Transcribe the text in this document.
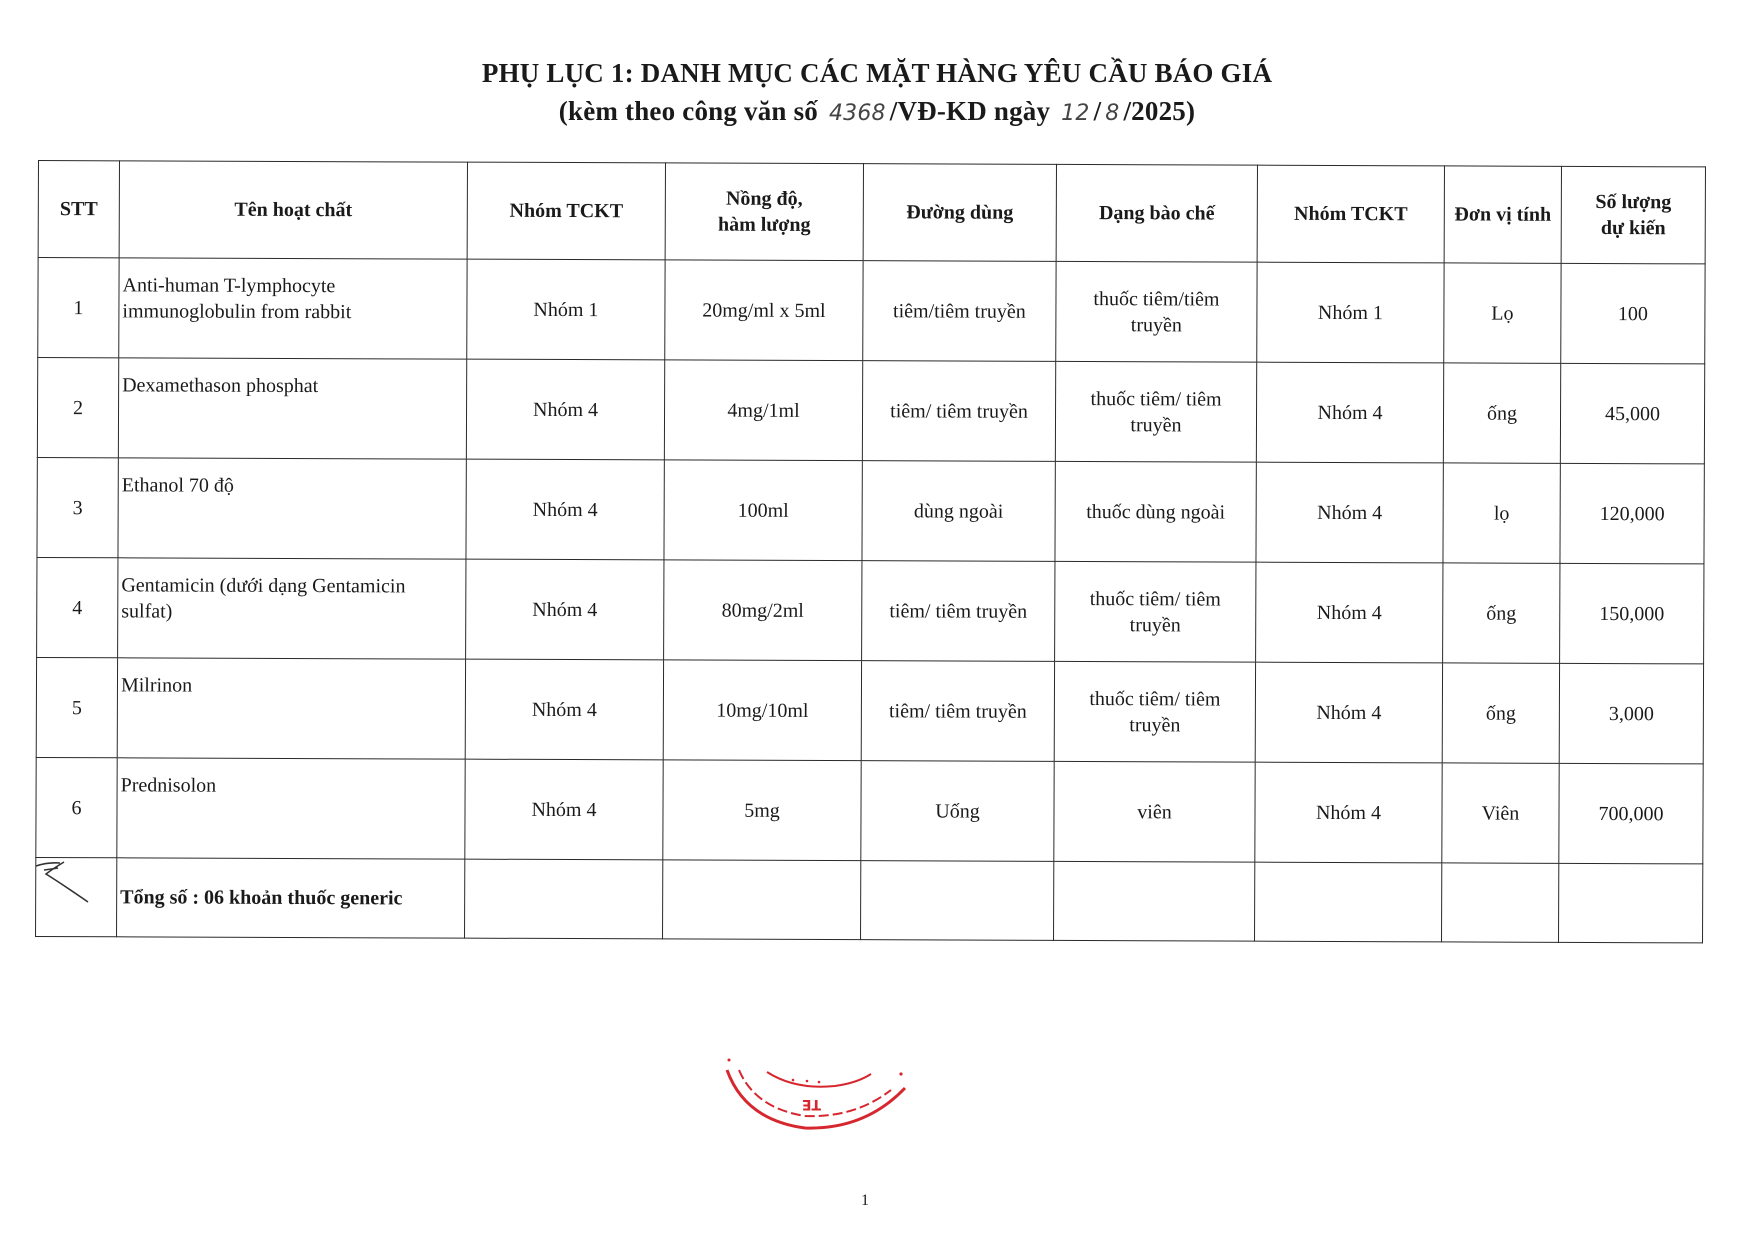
PHỤ LỤC 1: DANH MỤC CÁC MẶT HÀNG YÊU CẦU BÁO GIÁ
(kèm theo công văn số 4368 /VĐ-KD ngày 12 / 8 /2025)
STT	Tên hoạt chất	Nhóm TCKT	Nồng độ,
hàm lượng	Đường dùng	Dạng bào chế	Nhóm TCKT	Đơn vị tính	Số lượng
dự kiến
1	Anti-human T-lymphocyte
immunoglobulin from rabbit	Nhóm 1	20mg/ml x 5ml	tiêm/tiêm truyền	thuốc tiêm/tiêm
truyền	Nhóm 1	Lọ	100
2	Dexamethason phosphat	Nhóm 4	4mg/1ml	tiêm/ tiêm truyền	thuốc tiêm/ tiêm
truyền	Nhóm 4	ống	45,000
3	Ethanol 70 độ	Nhóm 4	100ml	dùng ngoài	thuốc dùng ngoài	Nhóm 4	lọ	120,000
4	Gentamicin (dưới dạng Gentamicin
sulfat)	Nhóm 4	80mg/2ml	tiêm/ tiêm truyền	thuốc tiêm/ tiêm
truyền	Nhóm 4	ống	150,000
5	Milrinon	Nhóm 4	10mg/10ml	tiêm/ tiêm truyền	thuốc tiêm/ tiêm
truyền	Nhóm 4	ống	3,000
6	Prednisolon	Nhóm 4	5mg	Uống	viên	Nhóm 4	Viên	700,000
	Tổng số : 06 khoản thuốc generic							
TE
1
